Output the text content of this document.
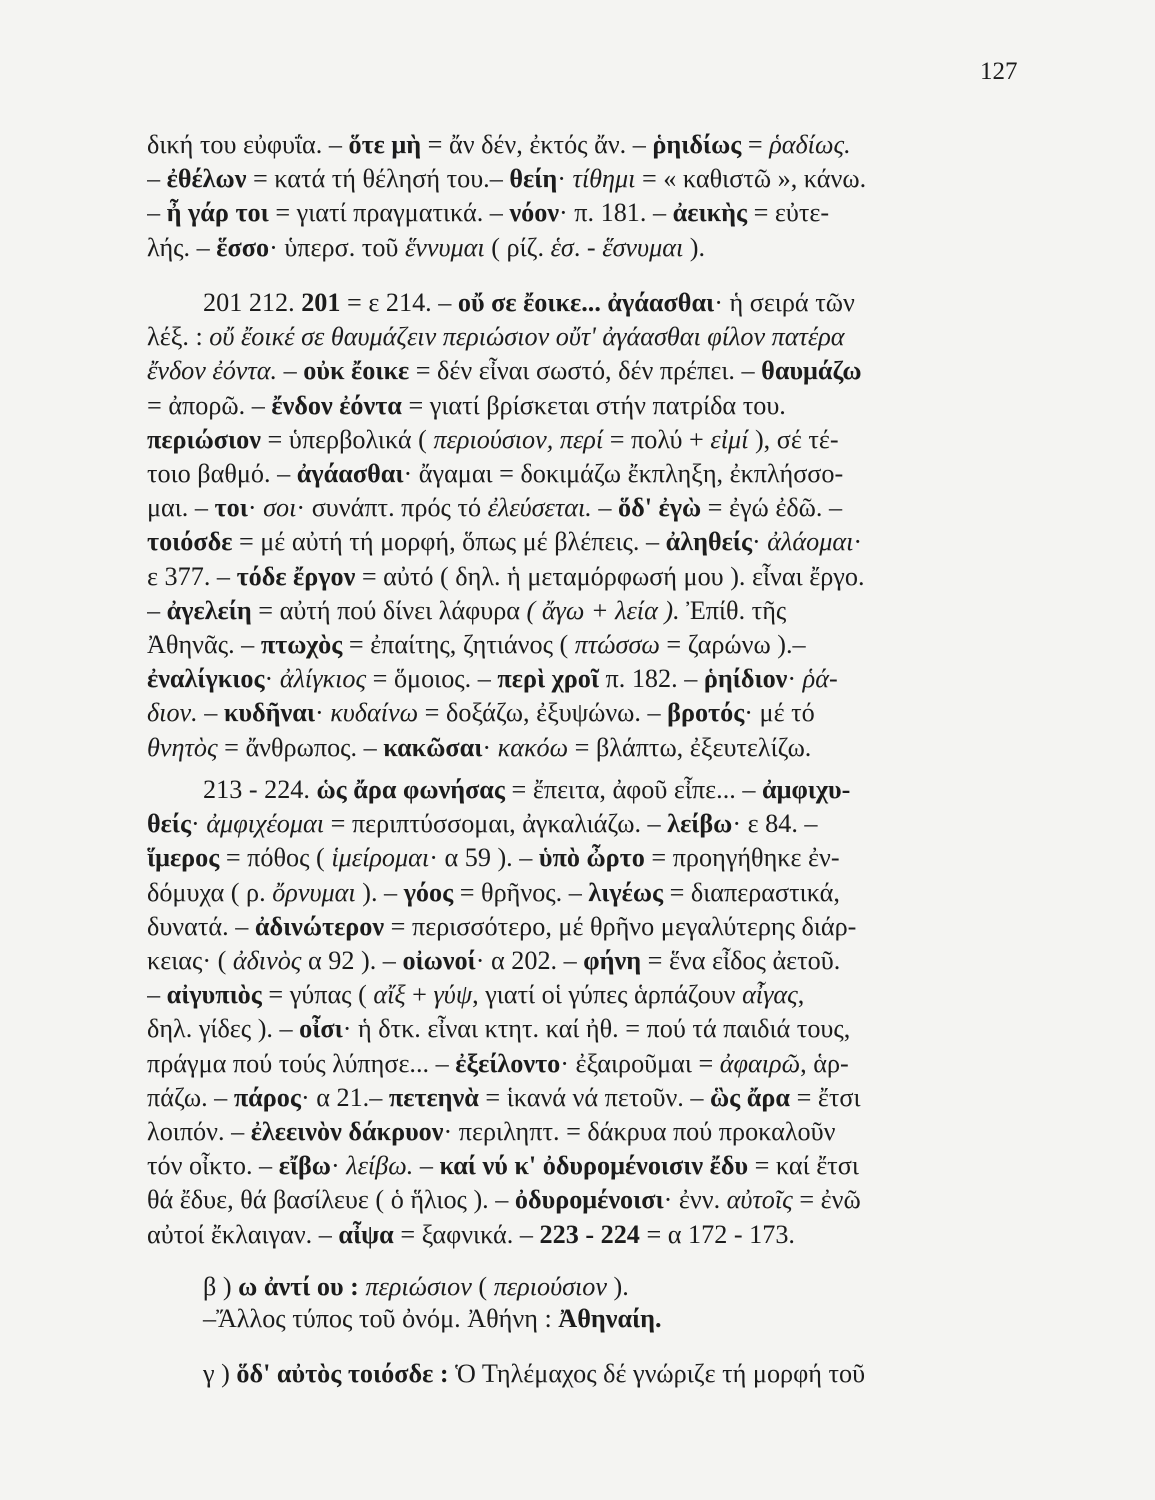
127
δική του εὐφυΐα. – ὅτε μὴ = ἄν δέν, ἐκτός ἄν. – ῥηιδίως = ῥαδίως.
– ἐθέλων = κατά τή θέλησή του.– θείη· τίθημι = « καθιστῶ », κάνω.
– ἦ γάρ τοι = γιατί πραγματικά. – νόον· π. 181. – ἀεικὴς = εὐτε-
λής. – ἕσσο· ὑπερσ. τοῦ ἕννυμαι ( ρίζ. ἑσ. - ἕσνυμαι ).
201 212. 201 = ε 214. – οὔ σε ἔοικε... ἀγάασθαι· ἡ σειρά τῶν
λέξ. : οὔ ἔοικέ σε θαυμάζειν περιώσιον οὔτ' ἀγάασθαι φίλον πατέρα
ἔνδον ἐόντα. – οὐκ ἔοικε = δέν εἶναι σωστό, δέν πρέπει. – θαυμάζω
= ἀπορῶ. – ἔνδον ἐόντα = γιατί βρίσκεται στήν πατρίδα του.
περιώσιον = ὑπερβολικά ( περιούσιον, περί = πολύ + εἰμί ), σέ τέ-
τοιο βαθμό. – ἀγάασθαι· ἄγαμαι = δοκιμάζω ἔκπληξη, ἐκπλήσσο-
μαι. – τοι· σοι· συνάπτ. πρός τό ἐλεύσεται. – ὅδ' ἐγὼ = ἐγώ ἐδῶ. –
τοιόσδε = μέ αὐτή τή μορφή, ὅπως μέ βλέπεις. – ἀληθείς· ἀλάομαι·
ε 377. – τόδε ἔργον = αὐτό ( δηλ. ἡ μεταμόρφωσή μου ). εἶναι ἔργο.
– ἀγελείη = αὐτή πού δίνει λάφυρα ( ἄγω + λεία ). Ἐπίθ. τῆς
Ἀθηνᾶς. – πτωχὸς = ἐπαίτης, ζητιάνος ( πτώσσω = ζαρώνω ).–
ἐναλίγκιος· ἀλίγκιος = ὅμοιος. – περὶ χροῖ π. 182. – ῥηίδιον· ῥά-
διον. – κυδῆναι· κυδαίνω = δοξάζω, ἐξυψώνω. – βροτός· μέ τό
θνητὸς = ἄνθρωπος. – κακῶσαι· κακόω = βλάπτω, ἐξευτελίζω.
213 - 224. ὡς ἄρα φωνήσας = ἔπειτα, ἀφοῦ εἶπε... – ἀμφιχυ-
θείς· ἀμφιχέομαι = περιπτύσσομαι, ἀγκαλιάζω. – λείβω· ε 84. –
ἵμερος = πόθος ( ἱμείρομαι· α 59 ). – ὑπὸ ὦρτο = προηγήθηκε ἐν-
δόμυχα ( ρ. ὄρνυμαι ). – γόος = θρῆνος. – λιγέως = διαπεραστικά,
δυνατά. – ἀδινώτερον = περισσότερο, μέ θρῆνο μεγαλύτερης διάρ-
κειας· ( ἀδινὸς α 92 ). – οἰωνοί· α 202. – φήνη = ἕνα εἶδος ἀετοῦ.
– αἰγυπιὸς = γύπας ( αἴξ + γύψ, γιατί οἱ γύπες ἁρπάζουν αἶγας,
δηλ. γίδες ). – οἶσι· ἡ δτκ. εἶναι κτητ. καί ἠθ. = πού τά παιδιά τους,
πράγμα πού τούς λύπησε... – ἐξείλοντο· ἐξαιροῦμαι = ἀφαιρῶ, ἁρ-
πάζω. – πάρος· α 21.– πετεηνὰ = ἱκανά νά πετοῦν. – ὣς ἄρα = ἔτσι
λοιπόν. – ἐλεεινὸν δάκρυον· περιληπτ. = δάκρυα πού προκαλοῦν
τόν οἶκτο. – εἴβω· λείβω. – καί νύ κ' ὀδυρομένοισιν ἔδυ = καί ἔτσι
θά ἔδυε, θά βασίλευε ( ὁ ἥλιος ). – ὀδυρομένοισι· ἐνν. αὐτοῖς = ἐνῶ
αὐτοί ἔκλαιγαν. – αἶψα = ξαφνικά. – 223 - 224 = α 172 - 173.
β ) ω ἀντί ου : περιώσιον ( περιούσιον ).
–Ἄλλος τύπος τοῦ ὀνόμ. Ἀθήνη : Ἀθηναίη.
γ ) ὅδ' αὐτὸς τοιόσδε : Ὁ Τηλέμαχος δέ γνώριζε τή μορφή τοῦ
